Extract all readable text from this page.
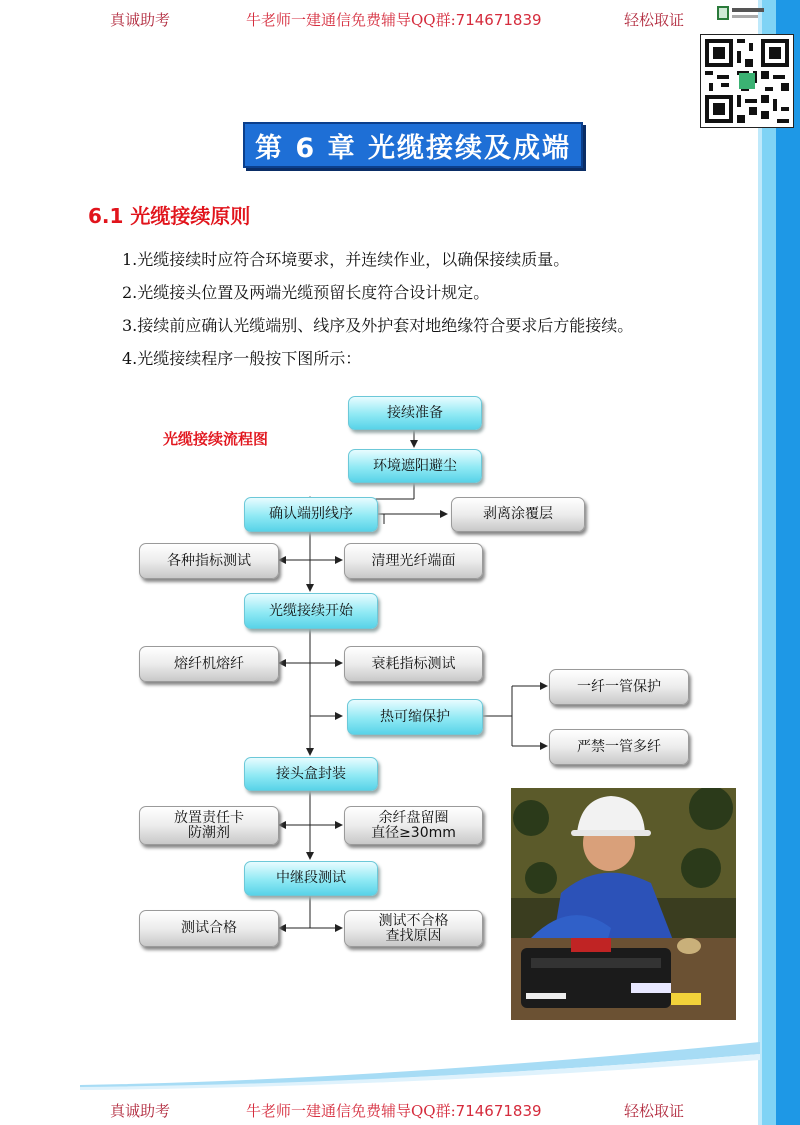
真诚助考	牛老师一建通信免费辅导QQ群:714671839	轻松取证
第 6 章 光缆接续及成端
6.1 光缆接续原则
1.光缆接续时应符合环境要求，并连续作业，以确保接续质量。
2.光缆接头位置及两端光缆预留长度符合设计规定。
3.接续前应确认光缆端别、线序及外护套对地绝缘符合要求后方能接续。
4.光缆接续程序一般按下图所示：
光缆接续流程图
接续准备
环境遮阳避尘
确认端别线序
光缆接续开始
接头盒封装
中继段测试
热可缩保护
剥离涂覆层
各种指标测试	清理光纤端面
熔纤机熔纤	衰耗指标测试
一纤一管保护
严禁一管多纤
放置责任卡
防潮剂
余纤盘留圈
直径≥30mm
测试合格	测试不合格
查找原因
真诚助考	牛老师一建通信免费辅导QQ群:714671839	轻松取证
